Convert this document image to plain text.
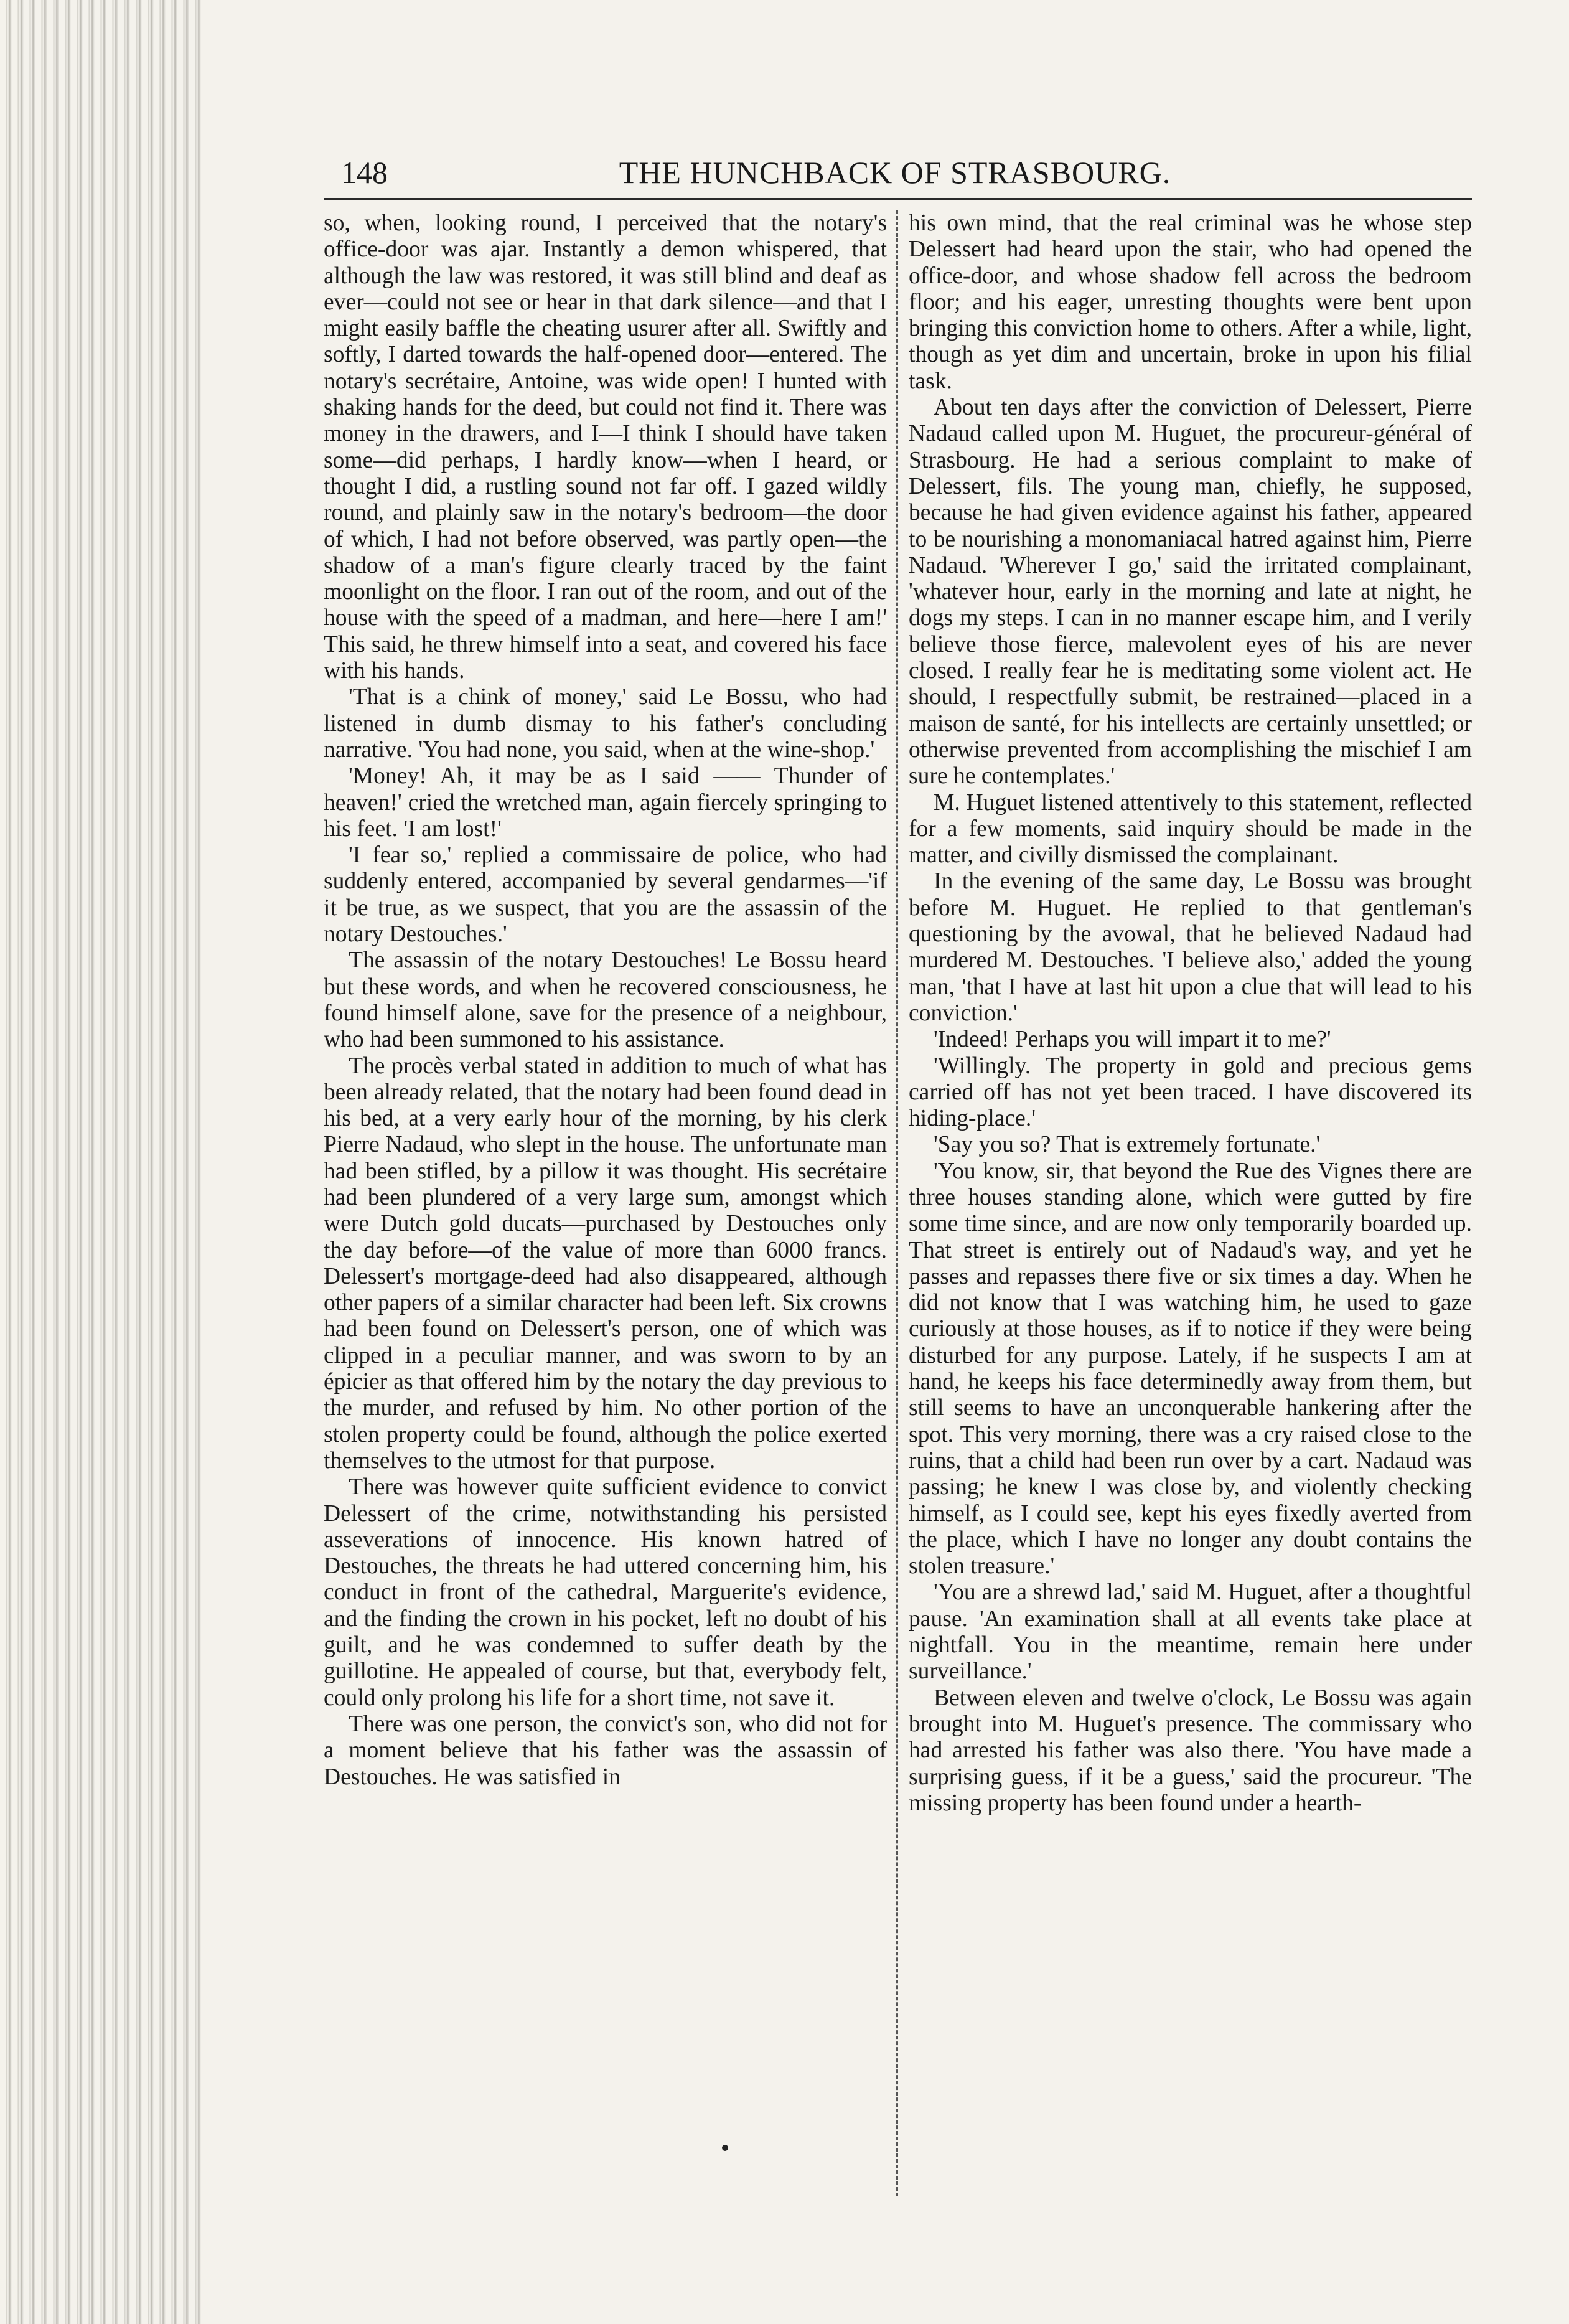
148	THE HUNCHBACK OF STRASBOURG.

so, when, looking round, I perceived that the notary's office-door was ajar. Instantly a demon whispered, that although the law was restored, it was still blind and deaf as ever—could not see or hear in that dark silence—and that I might easily baffle the cheating usurer after all. Swiftly and softly, I darted towards the half-opened door—entered. The notary's secrétaire, Antoine, was wide open! I hunted with shaking hands for the deed, but could not find it. There was money in the drawers, and I—I think I should have taken some—did perhaps, I hardly know—when I heard, or thought I did, a rustling sound not far off. I gazed wildly round, and plainly saw in the notary's bedroom—the door of which, I had not before observed, was partly open—the shadow of a man's figure clearly traced by the faint moonlight on the floor. I ran out of the room, and out of the house with the speed of a madman, and here—here I am!' This said, he threw himself into a seat, and covered his face with his hands.

'That is a chink of money,' said Le Bossu, who had listened in dumb dismay to his father's concluding narrative. 'You had none, you said, when at the wine-shop.'

'Money! Ah, it may be as I said —— Thunder of heaven!' cried the wretched man, again fiercely springing to his feet. 'I am lost!'

'I fear so,' replied a commissaire de police, who had suddenly entered, accompanied by several gendarmes—'if it be true, as we suspect, that you are the assassin of the notary Destouches.'

The assassin of the notary Destouches! Le Bossu heard but these words, and when he recovered consciousness, he found himself alone, save for the presence of a neighbour, who had been summoned to his assistance.

The procès verbal stated in addition to much of what has been already related, that the notary had been found dead in his bed, at a very early hour of the morning, by his clerk Pierre Nadaud, who slept in the house. The unfortunate man had been stifled, by a pillow it was thought. His secrétaire had been plundered of a very large sum, amongst which were Dutch gold ducats—purchased by Destouches only the day before—of the value of more than 6000 francs. Delessert's mortgage-deed had also disappeared, although other papers of a similar character had been left. Six crowns had been found on Delessert's person, one of which was clipped in a peculiar manner, and was sworn to by an épicier as that offered him by the notary the day previous to the murder, and refused by him. No other portion of the stolen property could be found, although the police exerted themselves to the utmost for that purpose.

There was however quite sufficient evidence to convict Delessert of the crime, notwithstanding his persisted asseverations of innocence. His known hatred of Destouches, the threats he had uttered concerning him, his conduct in front of the cathedral, Marguerite's evidence, and the finding the crown in his pocket, left no doubt of his guilt, and he was condemned to suffer death by the guillotine. He appealed of course, but that, everybody felt, could only prolong his life for a short time, not save it.

There was one person, the convict's son, who did not for a moment believe that his father was the assassin of Destouches. He was satisfied in

his own mind, that the real criminal was he whose step Delessert had heard upon the stair, who had opened the office-door, and whose shadow fell across the bedroom floor; and his eager, unresting thoughts were bent upon bringing this conviction home to others. After a while, light, though as yet dim and uncertain, broke in upon his filial task.

About ten days after the conviction of Delessert, Pierre Nadaud called upon M. Huguet, the procureur-général of Strasbourg. He had a serious complaint to make of Delessert, fils. The young man, chiefly, he supposed, because he had given evidence against his father, appeared to be nourishing a monomaniacal hatred against him, Pierre Nadaud. 'Wherever I go,' said the irritated complainant, 'whatever hour, early in the morning and late at night, he dogs my steps. I can in no manner escape him, and I verily believe those fierce, malevolent eyes of his are never closed. I really fear he is meditating some violent act. He should, I respectfully submit, be restrained—placed in a maison de santé, for his intellects are certainly unsettled; or otherwise prevented from accomplishing the mischief I am sure he contemplates.'

M. Huguet listened attentively to this statement, reflected for a few moments, said inquiry should be made in the matter, and civilly dismissed the complainant.

In the evening of the same day, Le Bossu was brought before M. Huguet. He replied to that gentleman's questioning by the avowal, that he believed Nadaud had murdered M. Destouches. 'I believe also,' added the young man, 'that I have at last hit upon a clue that will lead to his conviction.'

'Indeed! Perhaps you will impart it to me?'

'Willingly. The property in gold and precious gems carried off has not yet been traced. I have discovered its hiding-place.'

'Say you so? That is extremely fortunate.'

'You know, sir, that beyond the Rue des Vignes there are three houses standing alone, which were gutted by fire some time since, and are now only temporarily boarded up. That street is entirely out of Nadaud's way, and yet he passes and repasses there five or six times a day. When he did not know that I was watching him, he used to gaze curiously at those houses, as if to notice if they were being disturbed for any purpose. Lately, if he suspects I am at hand, he keeps his face determinedly away from them, but still seems to have an unconquerable hankering after the spot. This very morning, there was a cry raised close to the ruins, that a child had been run over by a cart. Nadaud was passing; he knew I was close by, and violently checking himself, as I could see, kept his eyes fixedly averted from the place, which I have no longer any doubt contains the stolen treasure.'

'You are a shrewd lad,' said M. Huguet, after a thoughtful pause. 'An examination shall at all events take place at nightfall. You in the meantime, remain here under surveillance.'

Between eleven and twelve o'clock, Le Bossu was again brought into M. Huguet's presence. The commissary who had arrested his father was also there. 'You have made a surprising guess, if it be a guess,' said the procureur. 'The missing property has been found under a hearth-
